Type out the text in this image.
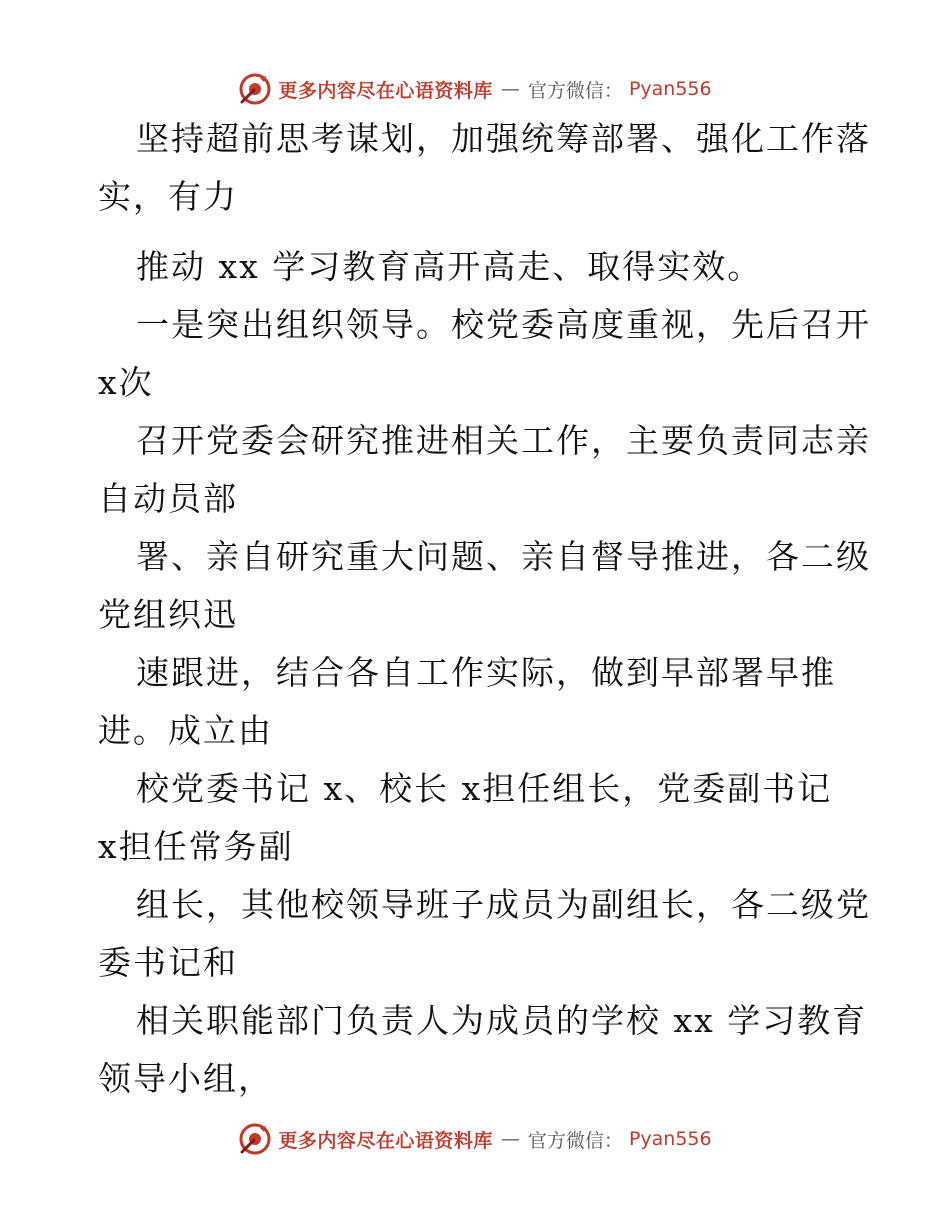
更多内容尽在心语资料库 — 官方微信： Pyan556
坚持超前思考谋划，加强统筹部署、强化工作落
实，有力
推动 xx 学习教育高开高走、取得实效。
一是突出组织领导。校党委高度重视，先后召开
x次
召开党委会研究推进相关工作，主要负责同志亲
自动员部
署、亲自研究重大问题、亲自督导推进，各二级
党组织迅
速跟进，结合各自工作实际，做到早部署早推
进。成立由
校党委书记 x、校长 x担任组长，党委副书记
x担任常务副
组长，其他校领导班子成员为副组长，各二级党
委书记和
相关职能部门负责人为成员的学校 xx 学习教育
领导小组，
更多内容尽在心语资料库 — 官方微信： Pyan556
